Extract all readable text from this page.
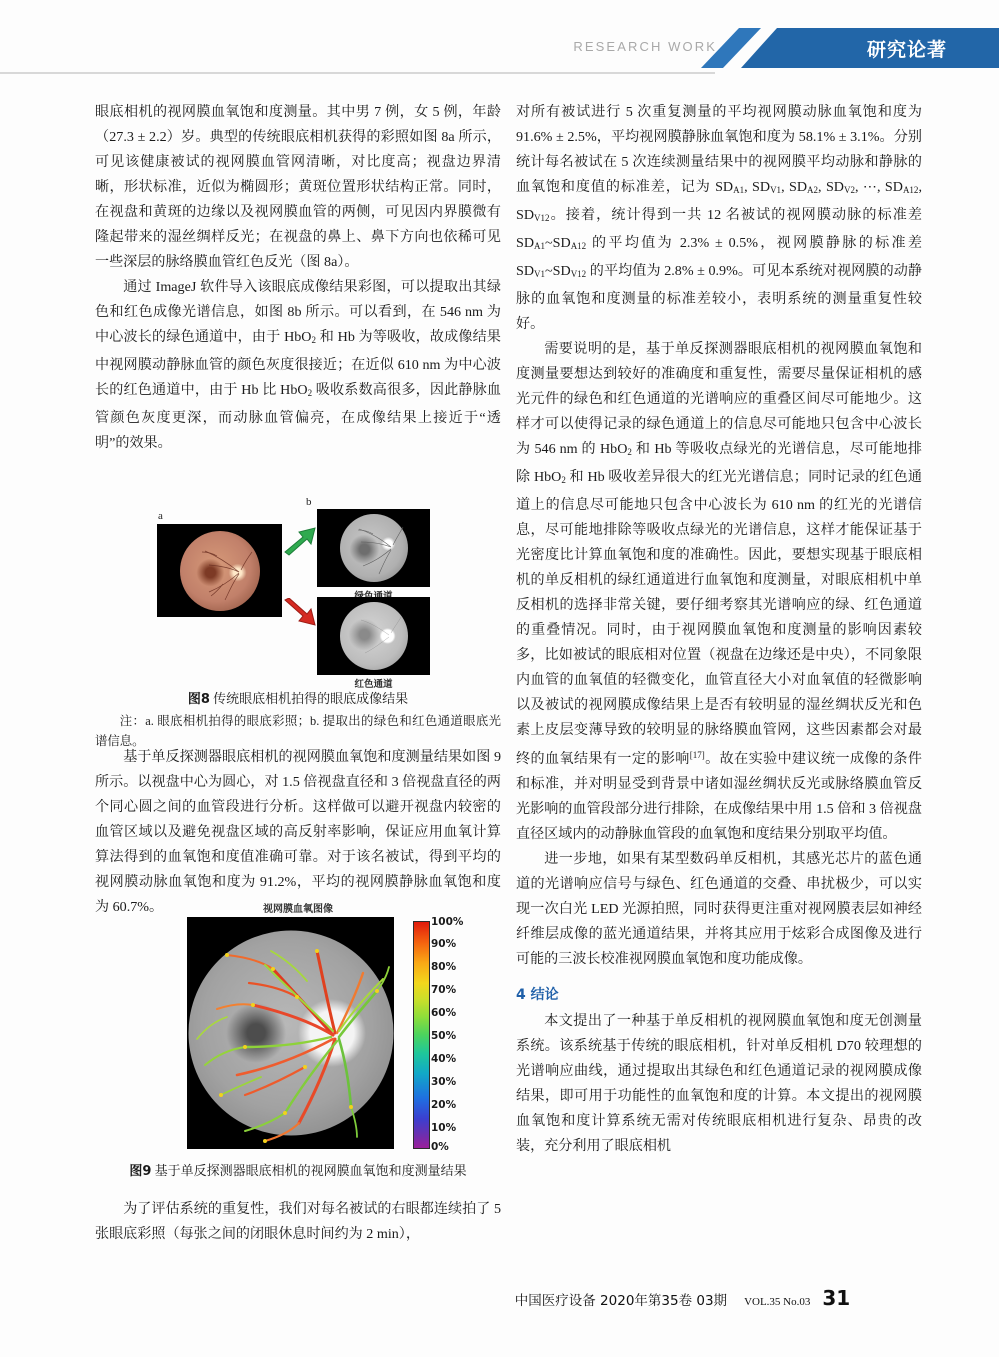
RESEARCH WORK	研究论著

眼底相机的视网膜血氧饱和度测量。其中男 7 例，女 5 例，年龄（27.3 ± 2.2）岁。典型的传统眼底相机获得的彩照如图 8a 所示，可见该健康被试的视网膜血管网清晰，对比度高；视盘边界清晰，形状标准，近似为椭圆形；黄斑位置形状结构正常。同时，在视盘和黄斑的边缘以及视网膜血管的两侧，可见因内界膜微有隆起带来的湿丝绸样反光；在视盘的鼻上、鼻下方向也依稀可见一些深层的脉络膜血管红色反光（图 8a）。

通过 ImageJ 软件导入该眼底成像结果彩图，可以提取出其绿色和红色成像光谱信息，如图 8b 所示。可以看到，在 546 nm 为中心波长的绿色通道中，由于 HbO$_2$ 和 Hb 为等吸收，故成像结果中视网膜动静脉血管的颜色灰度很接近；在近似 610 nm 为中心波长的红色通道中，由于 Hb 比 HbO$_2$ 吸收系数高很多，因此静脉血管颜色灰度更深，而动脉血管偏亮，在成像结果上接近于“透明”的效果。

a
b
红色通道
图8 传统眼底相机拍得的眼底成像结果
注：a. 眼底相机拍得的眼底彩照；b. 提取出的绿色和红色通道眼底光谱信息。

基于单反探测器眼底相机的视网膜血氧饱和度测量结果如图 9 所示。以视盘中心为圆心，对 1.5 倍视盘直径和 3 倍视盘直径的两个同心圆之间的血管段进行分析。这样做可以避开视盘内较密的血管区域以及避免视盘区域的高反射率影响，保证应用血氧计算算法得到的血氧饱和度值准确可靠。对于该名被试，得到平均的视网膜动脉血氧饱和度为 91.2%，平均的视网膜静脉血氧饱和度为 60.7%。	视网膜血氧图像
100%
90%
80%
70%
60%
50%
40%
30%
20%
10%
0%
图9 基于单反探测器眼底相机的视网膜血氧饱和度测量结果

为了评估系统的重复性，我们对每名被试的右眼都连续拍了 5 张眼底彩照（每张之间的闭眼休息时间约为 2 min），

对所有被试进行 5 次重复测量的平均视网膜动脉血氧饱和度为 91.6% ± 2.5%，平均视网膜静脉血氧饱和度为 58.1% ± 3.1%。分别统计每名被试在 5 次连续测量结果中的视网膜平均动脉和静脉的血氧饱和度值的标准差，记为 $SD_{A1}$, $SD_{V1}$, $SD_{A2}$, $SD_{V2}$, ⋯, $SD_{A12}$, $SD_{V12}$。接着，统计得到一共 12 名被试的视网膜动脉的标准差 $SD_{A1}\sim SD_{A12}$ 的平均值为 2.3% ± 0.5%，视网膜静脉的标准差 $SD_{V1}\sim SD_{V12}$ 的平均值为 2.8% ± 0.9%。可见本系统对视网膜的动静脉的血氧饱和度测量的标准差较小，表明系统的测量重复性较好。

需要说明的是，基于单反探测器眼底相机的视网膜血氧饱和度测量要想达到较好的准确度和重复性，需要尽量保证相机的感光元件的绿色和红色通道的光谱响应的重叠区间尽可能地少。这样才可以使得记录的绿色通道上的信息尽可能地只包含中心波长为 546 nm 的 HbO$_2$ 和 Hb 等吸收点绿光的光谱信息，尽可能地排除 HbO$_2$ 和 Hb 吸收差异很大的红光光谱信息；同时记录的红色通道上的信息尽可能地只包含中心波长为 610 nm 的红光的光谱信息，尽可能地排除等吸收点绿光的光谱信息，这样才能保证基于光密度比计算血氧饱和度的准确性。因此，要想实现基于眼底相机的单反相机的绿红通道进行血氧饱和度测量，对眼底相机中单反相机的选择非常关键，要仔细考察其光谱响应的绿、红色通道的重叠情况。同时，由于视网膜血氧饱和度测量的影响因素较多，比如被试的眼底相对位置（视盘在边缘还是中央），不同象限内血管的血氧值的轻微变化，血管直径大小对血氧值的轻微影响以及被试的视网膜成像结果上是否有较明显的湿丝绸状反光和色素上皮层变薄导致的较明显的脉络膜血管网，这些因素都会对最终的血氧结果有一定的影响[17]。故在实验中建议统一成像的条件和标准，并对明显受到背景中诸如湿丝绸状反光或脉络膜血管反光影响的血管段部分进行排除，在成像结果中用 1.5 倍和 3 倍视盘直径区域内的动静脉血管段的血氧饱和度结果分别取平均值。

进一步地，如果有某型数码单反相机，其感光芯片的蓝色通道的光谱响应信号与绿色、红色通道的交叠、串扰极少，可以实现一次白光 LED 光源拍照，同时获得更注重对视网膜表层如神经纤维层成像的蓝光通道结果，并将其应用于炫彩合成图像及进行可能的三波长校准视网膜血氧饱和度功能成像。

4 结论

本文提出了一种基于单反相机的视网膜血氧饱和度无创测量系统。该系统基于传统的眼底相机，针对单反相机 D70 较理想的光谱响应曲线，通过提取出其绿色和红色通道记录的视网膜成像结果，即可用于功能性的血氧饱和度的计算。本文提出的视网膜血氧饱和度计算系统无需对传统眼底相机进行复杂、昂贵的改装，充分利用了眼底相机

中国医疗设备 2020年第35卷 03期 VOL.35 No.03 31
